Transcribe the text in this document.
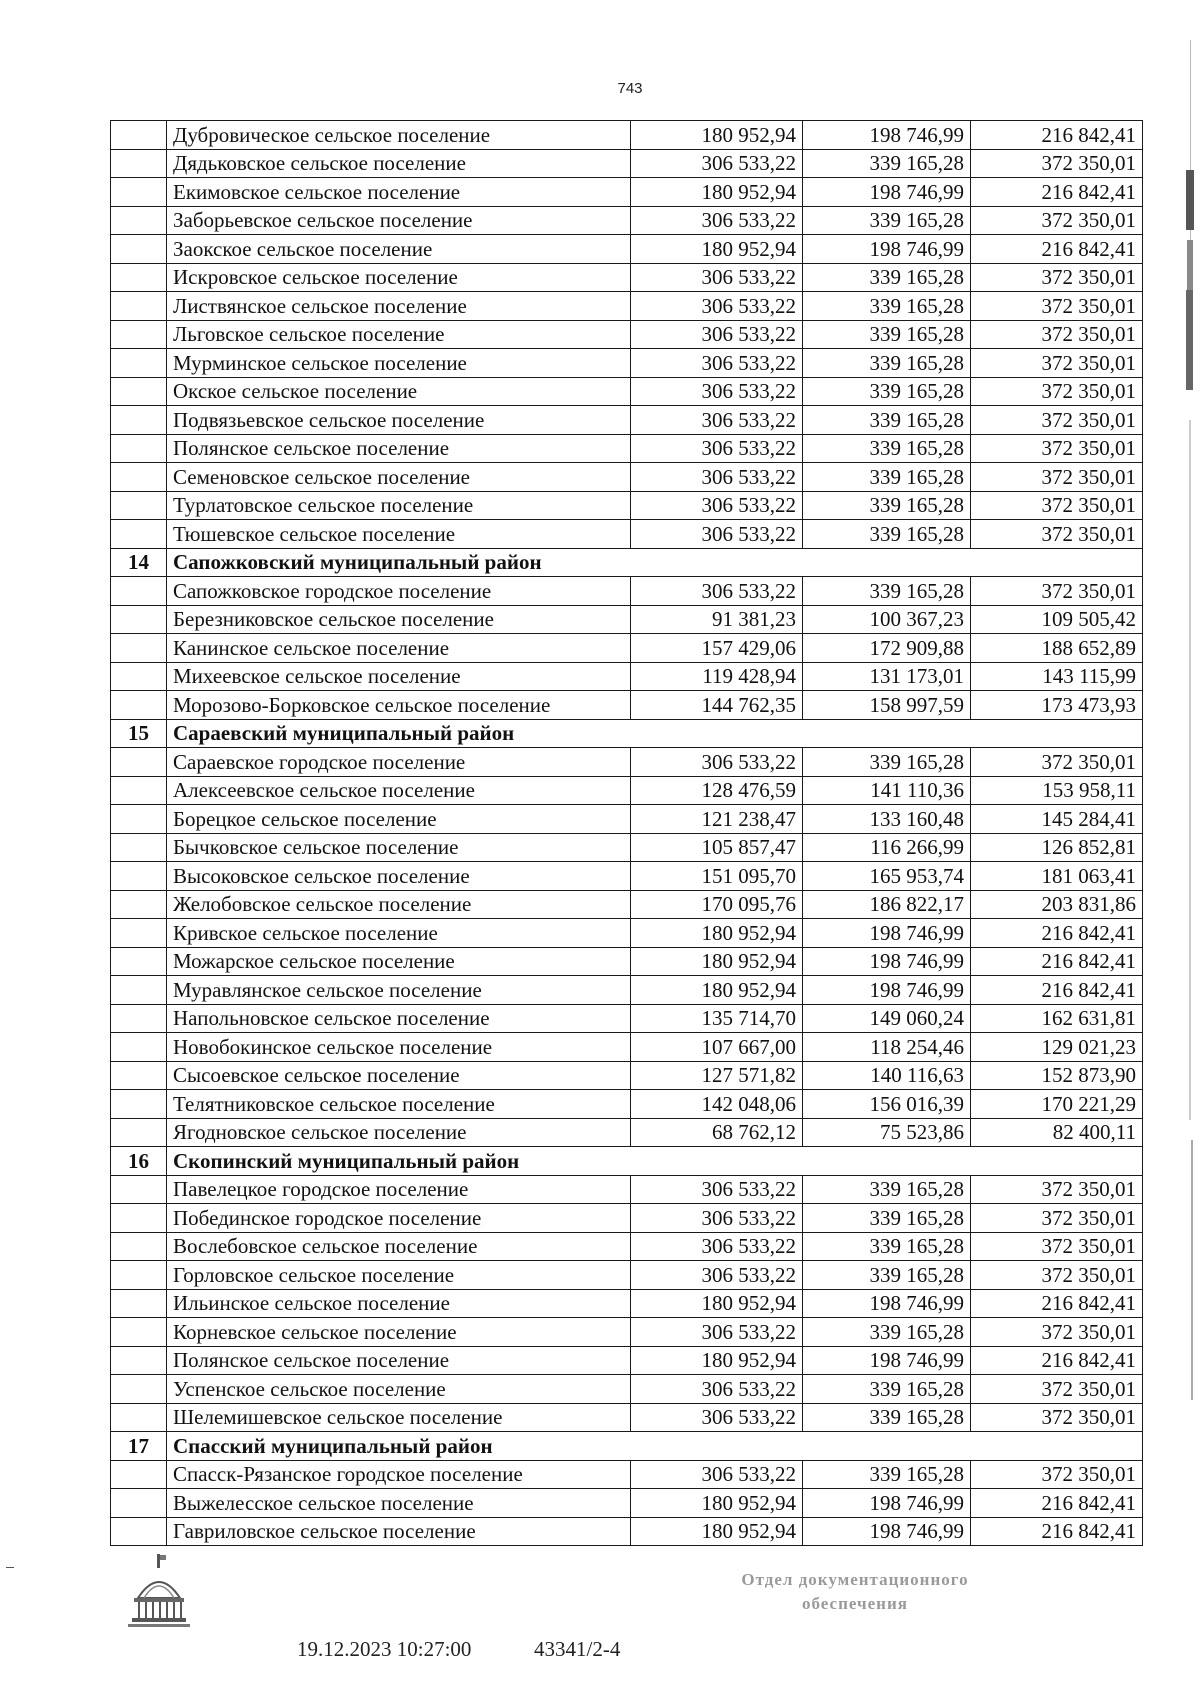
743
	Дубровическое сельское поселение	180 952,94	198 746,99	216 842,41
	Дядьковское сельское поселение	306 533,22	339 165,28	372 350,01
	Екимовское сельское поселение	180 952,94	198 746,99	216 842,41
	Заборьевское сельское поселение	306 533,22	339 165,28	372 350,01
	Заокское сельское поселение	180 952,94	198 746,99	216 842,41
	Искровское сельское поселение	306 533,22	339 165,28	372 350,01
	Листвянское сельское поселение	306 533,22	339 165,28	372 350,01
	Льговское сельское поселение	306 533,22	339 165,28	372 350,01
	Мурминское сельское поселение	306 533,22	339 165,28	372 350,01
	Окское сельское поселение	306 533,22	339 165,28	372 350,01
	Подвязьевское сельское поселение	306 533,22	339 165,28	372 350,01
	Полянское сельское поселение	306 533,22	339 165,28	372 350,01
	Семеновское сельское поселение	306 533,22	339 165,28	372 350,01
	Турлатовское сельское поселение	306 533,22	339 165,28	372 350,01
	Тюшевское сельское поселение	306 533,22	339 165,28	372 350,01
14	Сапожковский муниципальный район			
	Сапожковское городское поселение	306 533,22	339 165,28	372 350,01
	Березниковское сельское поселение	91 381,23	100 367,23	109 505,42
	Канинское сельское поселение	157 429,06	172 909,88	188 652,89
	Михеевское сельское поселение	119 428,94	131 173,01	143 115,99
	Морозово-Борковское сельское поселение	144 762,35	158 997,59	173 473,93
15	Сараевский муниципальный район			
	Сараевское городское поселение	306 533,22	339 165,28	372 350,01
	Алексеевское сельское поселение	128 476,59	141 110,36	153 958,11
	Борецкое сельское поселение	121 238,47	133 160,48	145 284,41
	Бычковское сельское поселение	105 857,47	116 266,99	126 852,81
	Высоковское сельское поселение	151 095,70	165 953,74	181 063,41
	Желобовское сельское поселение	170 095,76	186 822,17	203 831,86
	Кривское сельское поселение	180 952,94	198 746,99	216 842,41
	Можарское сельское поселение	180 952,94	198 746,99	216 842,41
	Муравлянское сельское поселение	180 952,94	198 746,99	216 842,41
	Напольновское сельское поселение	135 714,70	149 060,24	162 631,81
	Новобокинское сельское поселение	107 667,00	118 254,46	129 021,23
	Сысоевское сельское поселение	127 571,82	140 116,63	152 873,90
	Телятниковское сельское поселение	142 048,06	156 016,39	170 221,29
	Ягодновское сельское поселение	68 762,12	75 523,86	82 400,11
16	Скопинский муниципальный район			
	Павелецкое городское поселение	306 533,22	339 165,28	372 350,01
	Побединское городское поселение	306 533,22	339 165,28	372 350,01
	Вослебовское сельское поселение	306 533,22	339 165,28	372 350,01
	Горловское сельское поселение	306 533,22	339 165,28	372 350,01
	Ильинское сельское поселение	180 952,94	198 746,99	216 842,41
	Корневское сельское поселение	306 533,22	339 165,28	372 350,01
	Полянское сельское поселение	180 952,94	198 746,99	216 842,41
	Успенское сельское поселение	306 533,22	339 165,28	372 350,01
	Шелемишевское сельское поселение	306 533,22	339 165,28	372 350,01
17	Спасский муниципальный район			
	Спасск-Рязанское городское поселение	306 533,22	339 165,28	372 350,01
	Выжелесское сельское поселение	180 952,94	198 746,99	216 842,41
	Гавриловское сельское поселение	180 952,94	198 746,99	216 842,41
19.12.2023 10:27:00	43341/2-4
Отдел документационного
обеспечения
